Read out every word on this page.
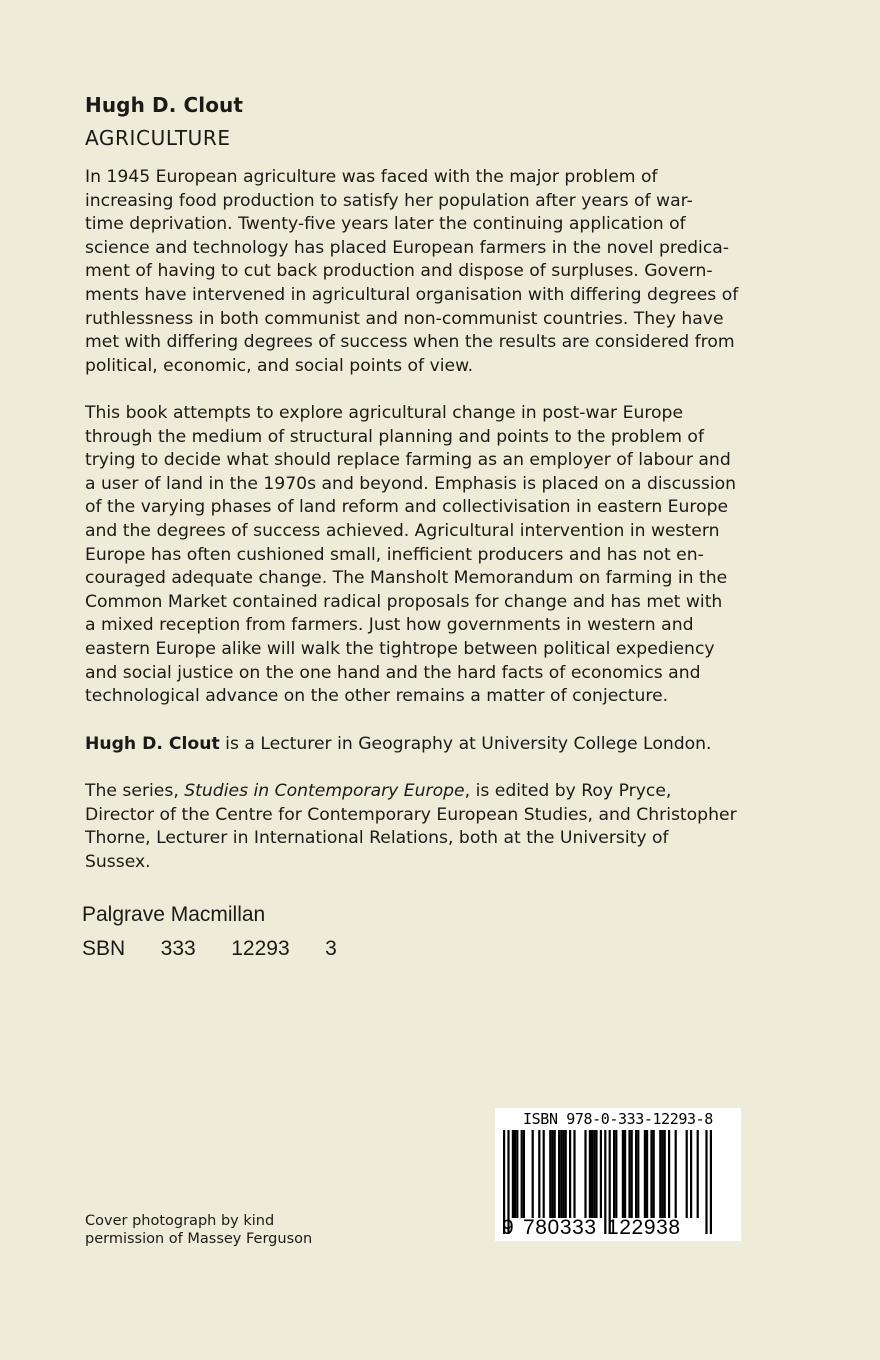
Hugh D. Clout
AGRICULTURE
In 1945 European agriculture was faced with the major problem of
increasing food production to satisfy her population after years of war-
time deprivation. Twenty-five years later the continuing application of
science and technology has placed European farmers in the novel predica-
ment of having to cut back production and dispose of surpluses. Govern-
ments have intervened in agricultural organisation with differing degrees of
ruthlessness in both communist and non-communist countries. They have
met with differing degrees of success when the results are considered from
political, economic, and social points of view.
This book attempts to explore agricultural change in post-war Europe
through the medium of structural planning and points to the problem of
trying to decide what should replace farming as an employer of labour and
a user of land in the 1970s and beyond. Emphasis is placed on a discussion
of the varying phases of land reform and collectivisation in eastern Europe
and the degrees of success achieved. Agricultural intervention in western
Europe has often cushioned small, inefficient producers and has not en-
couraged adequate change. The Mansholt Memorandum on farming in the
Common Market contained radical proposals for change and has met with
a mixed reception from farmers. Just how governments in western and
eastern Europe alike will walk the tightrope between political expediency
and social justice on the one hand and the hard facts of economics and
technological advance on the other remains a matter of conjecture.
Hugh D. Clout is a Lecturer in Geography at University College London.
The series, Studies in Contemporary Europe, is edited by Roy Pryce,
Director of the Centre for Contemporary European Studies, and Christopher
Thorne, Lecturer in International Relations, both at the University of
Sussex.
Palgrave Macmillan
SBN   333   12293   3
ISBN 978-0-333-12293-8
9 780333 122938
Cover photograph by kind
permission of Massey Ferguson
